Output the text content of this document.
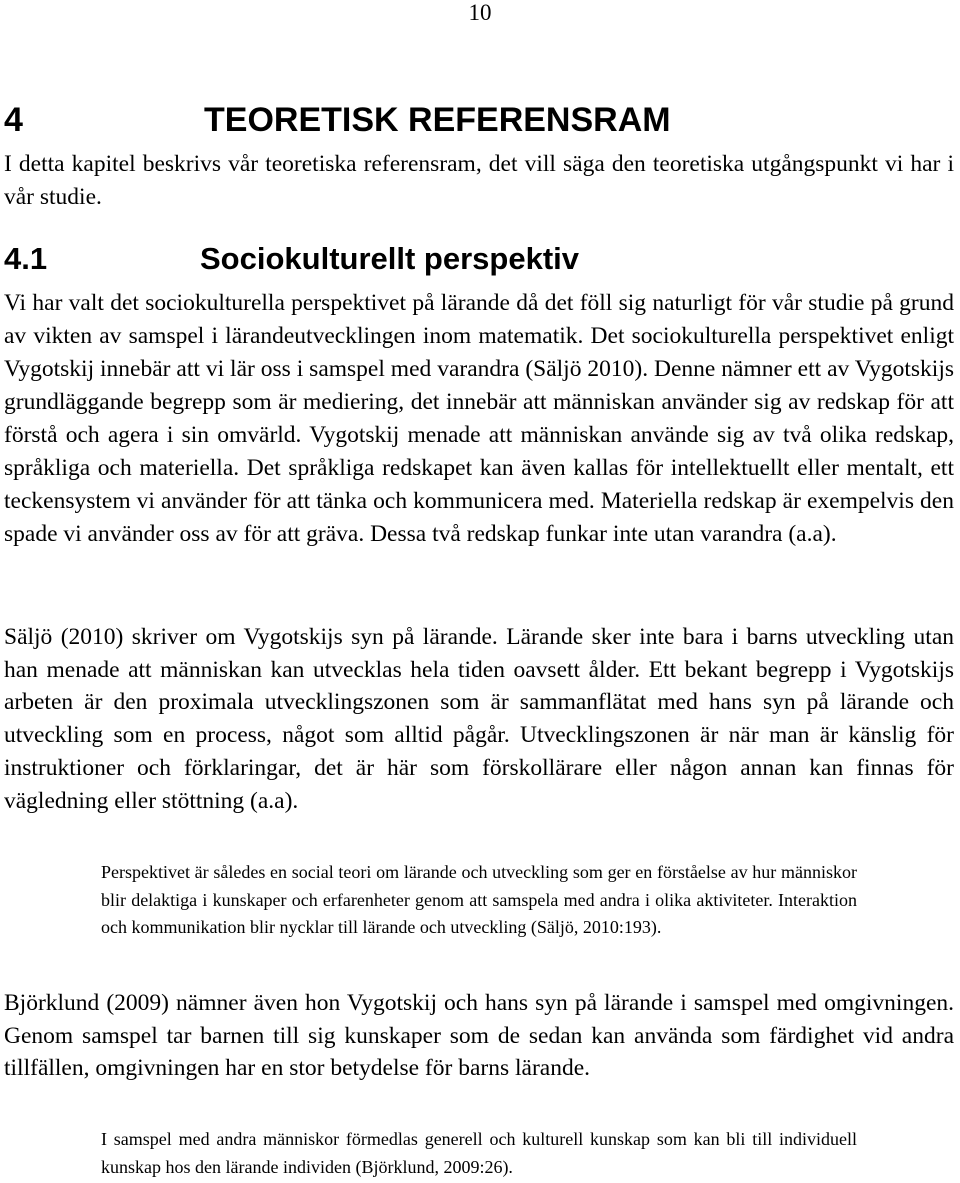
10
4	TEORETISK REFERENSRAM

I detta kapitel beskrivs vår teoretiska referensram, det vill säga den teoretiska utgångspunkt vi har i vår studie.

4.1	Sociokulturellt perspektiv

Vi har valt det sociokulturella perspektivet på lärande då det föll sig naturligt för vår studie på grund av vikten av samspel i lärandeutvecklingen inom matematik. Det sociokulturella perspektivet enligt Vygotskij innebär att vi lär oss i samspel med varandra (Säljö 2010). Denne nämner ett av Vygotskijs grundläggande begrepp som är mediering, det innebär att människan använder sig av redskap för att förstå och agera i sin omvärld. Vygotskij menade att människan använde sig av två olika redskap, språkliga och materiella. Det språkliga redskapet kan även kallas för intellektuellt eller mentalt, ett teckensystem vi använder för att tänka och kommunicera med. Materiella redskap är exempelvis den spade vi använder oss av för att gräva. Dessa två redskap funkar inte utan varandra (a.a).

Säljö (2010) skriver om Vygotskijs syn på lärande. Lärande sker inte bara i barns utveckling utan han menade att människan kan utvecklas hela tiden oavsett ålder. Ett bekant begrepp i Vygotskijs arbeten är den proximala utvecklingszonen som är sammanflätat med hans syn på lärande och utveckling som en process, något som alltid pågår. Utvecklingszonen är när man är känslig för instruktioner och förklaringar, det är här som förskollärare eller någon annan kan finnas för vägledning eller stöttning (a.a).

Perspektivet är således en social teori om lärande och utveckling som ger en förståelse av hur människor blir delaktiga i kunskaper och erfarenheter genom att samspela med andra i olika aktiviteter. Interaktion och kommunikation blir nycklar till lärande och utveckling (Säljö, 2010:193).

Björklund (2009) nämner även hon Vygotskij och hans syn på lärande i samspel med omgivningen. Genom samspel tar barnen till sig kunskaper som de sedan kan använda som färdighet vid andra tillfällen, omgivningen har en stor betydelse för barns lärande.

I samspel med andra människor förmedlas generell och kulturell kunskap som kan bli till individuell kunskap hos den lärande individen (Björklund, 2009:26).
